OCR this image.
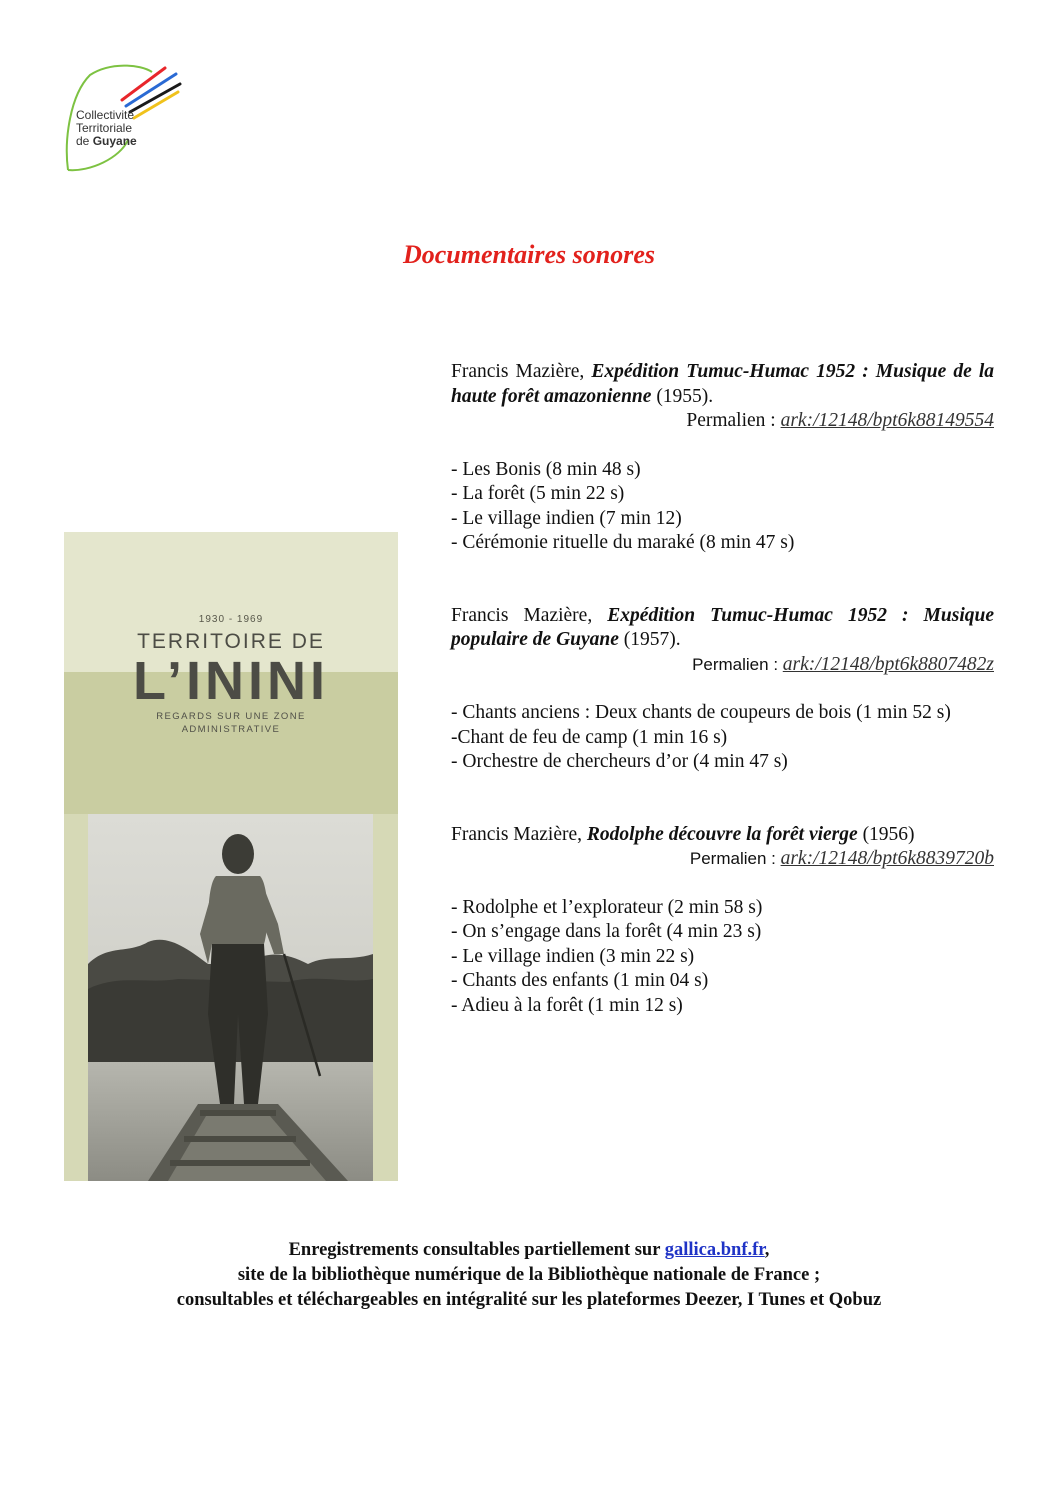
Collectivité
Territoriale
de Guyane
Documentaires sonores
Francis Mazière, Expédition Tumuc-Humac 1952 : Musique de la haute forêt amazonienne (1955).
Permalien : ark:/12148/bpt6k88149554
- Les Bonis (8 min 48 s)
- La forêt (5 min 22 s)
- Le village indien (7 min 12)
- Cérémonie rituelle du maraké (8 min 47 s)
Francis Mazière, Expédition Tumuc-Humac 1952 : Musique populaire de Guyane (1957).
Permalien : ark:/12148/bpt6k8807482z
- Chants anciens : Deux chants de coupeurs de bois (1 min 52 s)
-Chant de feu de camp (1 min 16 s)
- Orchestre de chercheurs d’or (4 min 47 s)
Francis Mazière, Rodolphe découvre la forêt vierge (1956)
Permalien : ark:/12148/bpt6k8839720b
- Rodolphe et l’explorateur (2 min 58 s)
- On s’engage dans la forêt (4 min 23 s)
- Le village indien (3 min 22 s)
- Chants des enfants (1 min 04 s)
- Adieu à la forêt (1 min 12 s)
1930 - 1969
TERRITOIRE DE
L’ININI
REGARDS SUR UNE ZONE
ADMINISTRATIVE
Enregistrements consultables partiellement sur gallica.bnf.fr,
site de la bibliothèque numérique de la Bibliothèque nationale de France ;
consultables et téléchargeables en intégralité sur les plateformes Deezer, I Tunes et Qobuz
